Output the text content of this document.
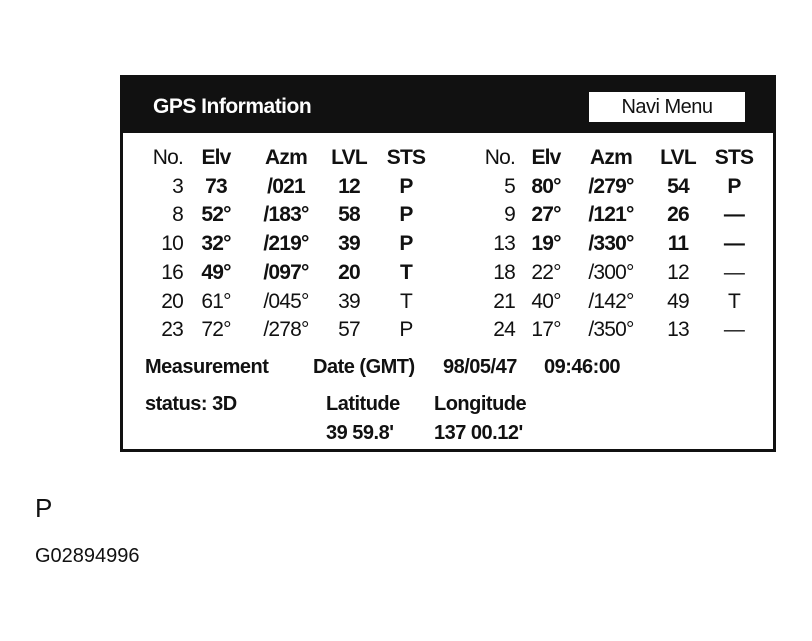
GPS Information	Navi Menu
No. Elv	Azm	LVL STS
3	73	/021	12	P
8 52°	/183°	58	P
10 32°	/219°	39	P
16 49°	/097°	20	T
20 61°	/045°	39	T
23 72°	/278°	57	P
No. Elv	Azm	LVL STS
5 80°	/279°	54	P
9 27°	/121°	26	—
13 19°	/330°	11	—
18 22°	/300°	12	—
21 40°	/142°	49	T
24 17°	/350°	13	—
Measurement Date (GMT) 98/05/47 09:46:00
status: 3D	Latitude Longitude
39 59.8' 137 00.12'
P
G02894996
